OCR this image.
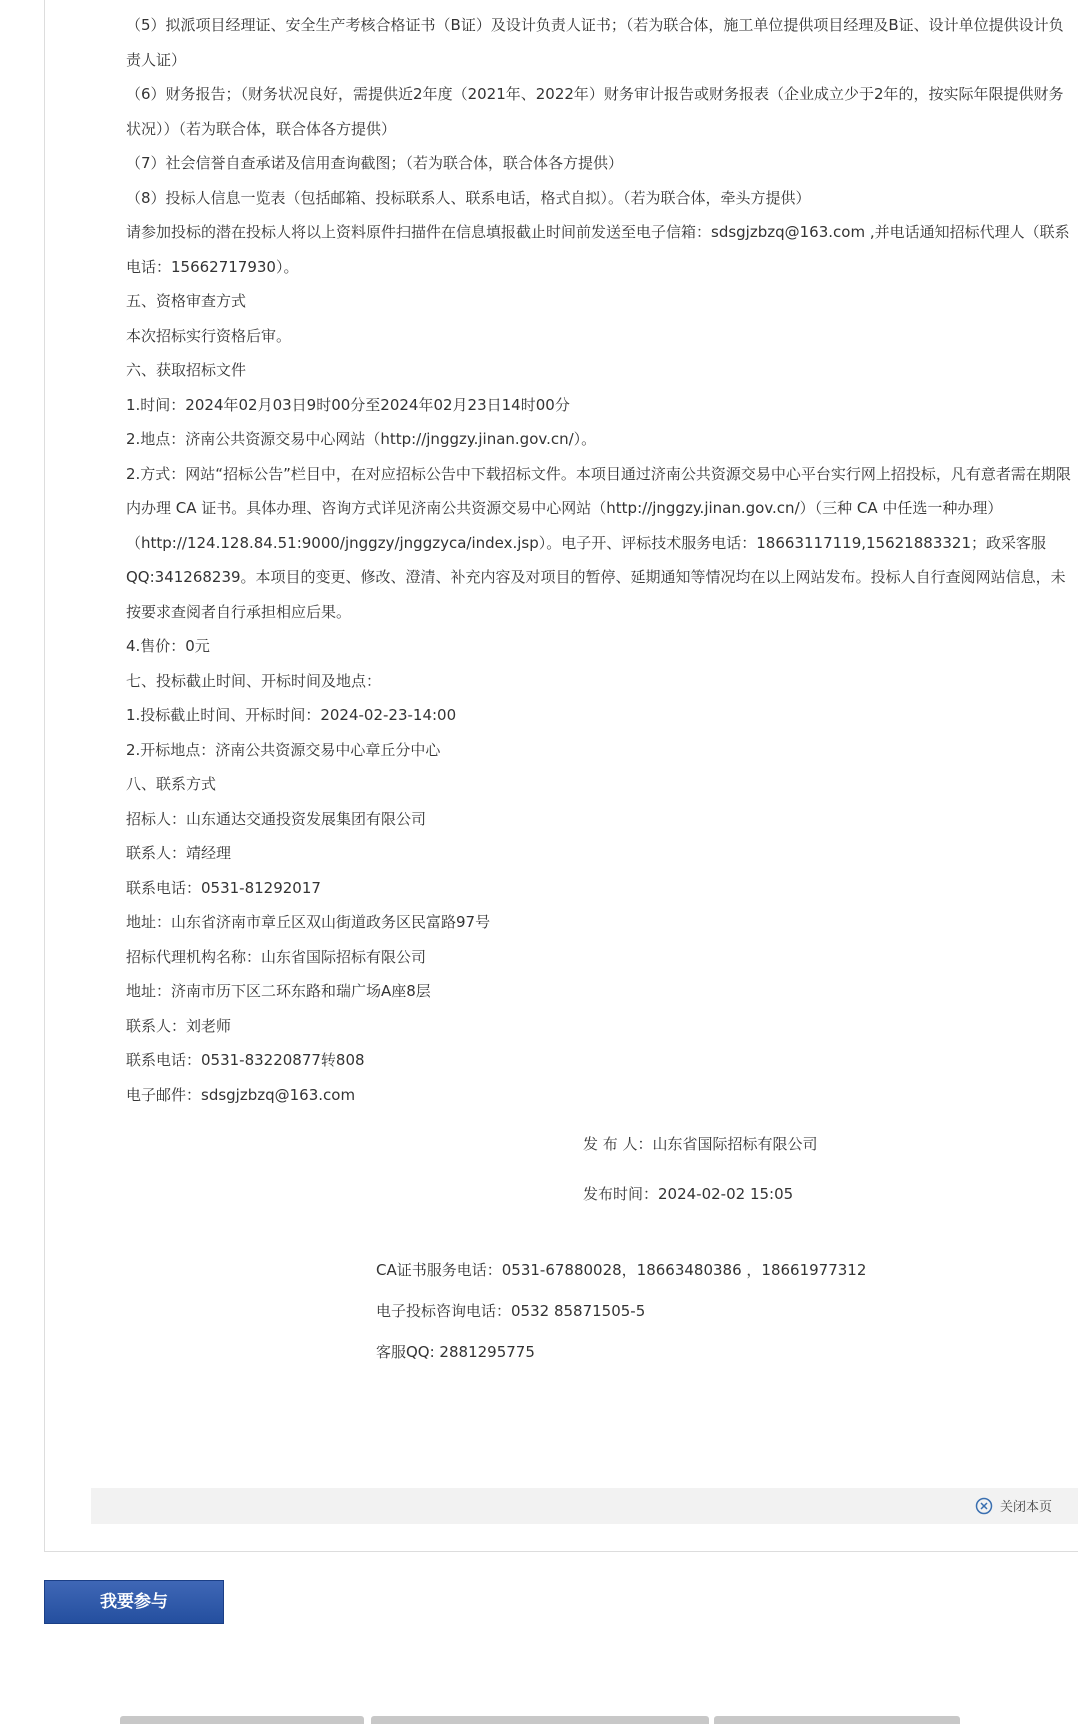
（5）拟派项目经理证、安全生产考核合格证书（B证）及设计负责人证书；（若为联合体，施工单位提供项目经理及B证、设计单位提供设计负责人证）

（6）财务报告；（财务状况良好，需提供近2年度（2021年、2022年）财务审计报告或财务报表（企业成立少于2年的，按实际年限提供财务状况））（若为联合体，联合体各方提供）

（7）社会信誉自查承诺及信用查询截图；（若为联合体，联合体各方提供）

（8）投标人信息一览表（包括邮箱、投标联系人、联系电话，格式自拟）。（若为联合体，牵头方提供）

请参加投标的潜在投标人将以上资料原件扫描件在信息填报截止时间前发送至电子信箱：sdsgjzbzq@163.com ,并电话通知招标代理人（联系电话：15662717930）。

五、资格审查方式

本次招标实行资格后审。

六、获取招标文件

1.时间：2024年02月03日9时00分至2024年02月23日14时00分

2.地点：济南公共资源交易中心网站（http://jnggzy.jinan.gov.cn/）。

2.方式：网站“招标公告”栏目中，在对应招标公告中下载招标文件。本项目通过济南公共资源交易中心平台实行网上招投标，凡有意者需在期限内办理 CA 证书。具体办理、咨询方式详见济南公共资源交易中心网站（http://jnggzy.jinan.gov.cn/）（三种 CA 中任选一种办理）（http://124.128.84.51:9000/jnggzy/jnggzyca/index.jsp）。电子开、评标技术服务电话：18663117119,15621883321；政采客服 QQ:341268239。本项目的变更、修改、澄清、补充内容及对项目的暂停、延期通知等情况均在以上网站发布。投标人自行查阅网站信息，未按要求查阅者自行承担相应后果。

4.售价：0元

七、投标截止时间、开标时间及地点：

1.投标截止时间、开标时间：2024-02-23-14:00

2.开标地点：济南公共资源交易中心章丘分中心

八、联系方式

招标人：山东通达交通投资发展集团有限公司

联系人：靖经理

联系电话：0531-81292017

地址：山东省济南市章丘区双山街道政务区民富路97号

招标代理机构名称：山东省国际招标有限公司

地址：济南市历下区二环东路和瑞广场A座8层

联系人：刘老师

联系电话：0531-83220877转808

电子邮件：sdsgjzbzq@163.com

发 布 人：山东省国际招标有限公司
发布时间：2024-02-02 15:05
CA证书服务电话：0531-67880028，18663480386 ，18661977312
电子投标咨询电话：0532 85871505-5
客服QQ: 2881295775
关闭本页
我要参与
